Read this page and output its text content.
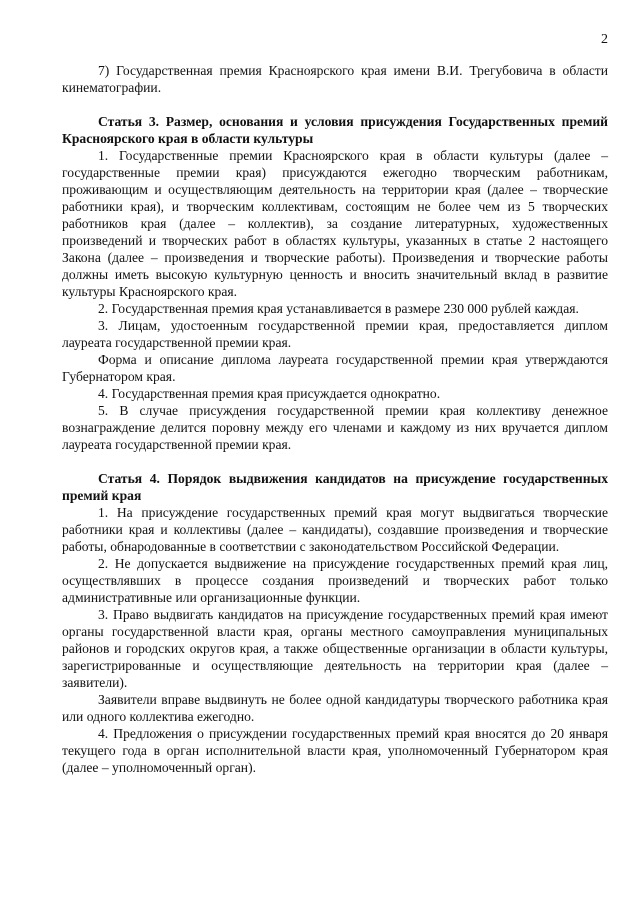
2

7) Государственная премия Красноярского края имени В.И. Трегубовича в области кинематографии.

Статья 3. Размер, основания и условия присуждения Государственных премий Красноярского края в области культуры

1. Государственные премии Красноярского края в области культуры (далее – государственные премии края) присуждаются ежегодно творческим работникам, проживающим и осуществляющим деятельность на территории края (далее – творческие работники края), и творческим коллективам, состоящим не более чем из 5 творческих работников края (далее – коллектив), за создание литературных, художественных произведений и творческих работ в областях культуры, указанных в статье 2 настоящего Закона (далее – произведения и творческие работы). Произведения и творческие работы должны иметь высокую культурную ценность и вносить значительный вклад в развитие культуры Красноярского края.

2. Государственная премия края устанавливается в размере 230 000 рублей каждая.

3. Лицам, удостоенным государственной премии края, предоставляется диплом лауреата государственной премии края.

Форма и описание диплома лауреата государственной премии края утверждаются Губернатором края.

4. Государственная премия края присуждается однократно.

5. В случае присуждения государственной премии края коллективу денежное вознаграждение делится поровну между его членами и каждому из них вручается диплом лауреата государственной премии края.

Статья 4. Порядок выдвижения кандидатов на присуждение государственных премий края

1. На присуждение государственных премий края могут выдвигаться творческие работники края и коллективы (далее – кандидаты), создавшие произведения и творческие работы, обнародованные в соответствии с законодательством Российской Федерации.

2. Не допускается выдвижение на присуждение государственных премий края лиц, осуществлявших в процессе создания произведений и творческих работ только административные или организационные функции.

3. Право выдвигать кандидатов на присуждение государственных премий края имеют органы государственной власти края, органы местного самоуправления муниципальных районов и городских округов края, а также общественные организации в области культуры, зарегистрированные и осуществляющие деятельность на территории края (далее – заявители).

Заявители вправе выдвинуть не более одной кандидатуры творческого работника края или одного коллектива ежегодно.

4. Предложения о присуждении государственных премий края вносятся до 20 января текущего года в орган исполнительной власти края, уполномоченный Губернатором края (далее – уполномоченный орган).
